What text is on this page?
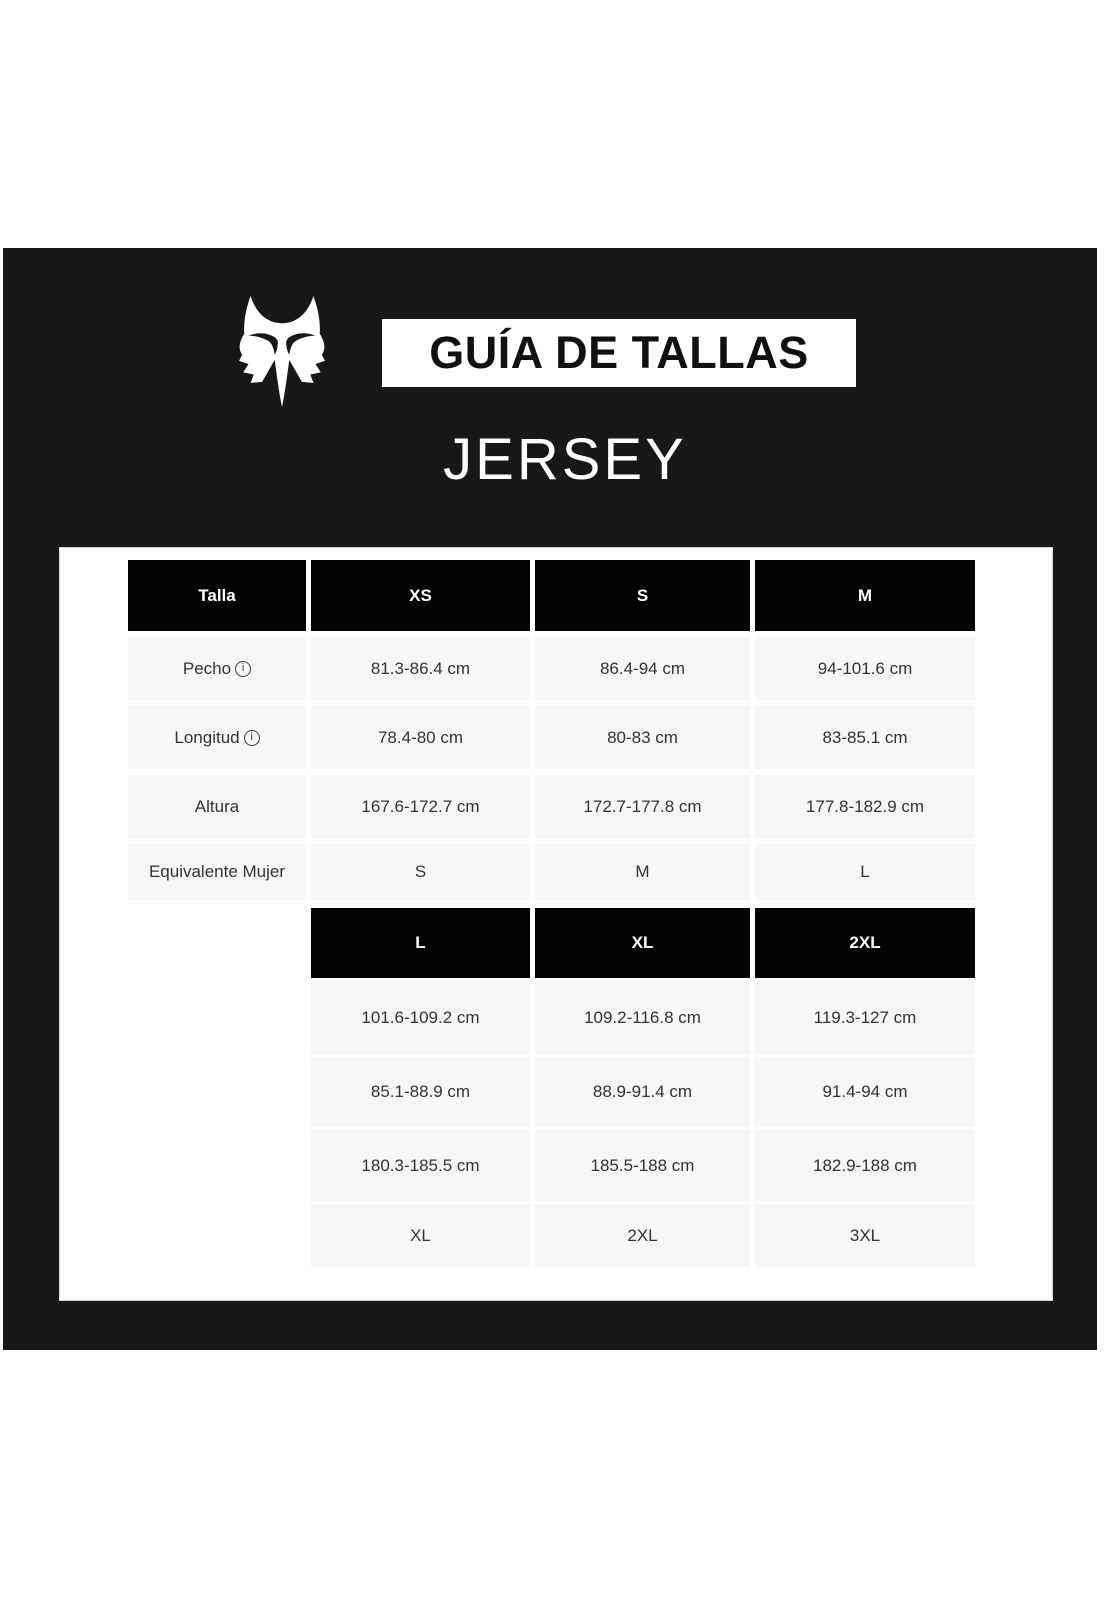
GUÍA DE TALLAS
JERSEY
Talla	XS	S	M
Pecho i	81.3-86.4 cm	86.4-94 cm	94-101.6 cm
Longitud i	78.4-80 cm	80-83 cm	83-85.1 cm
Altura	167.6-172.7 cm	172.7-177.8 cm	177.8-182.9 cm
Equivalente Mujer	S	M	L
L	XL	2XL
101.6-109.2 cm	109.2-116.8 cm	119.3-127 cm
85.1-88.9 cm	88.9-91.4 cm	91.4-94 cm
180.3-185.5 cm	185.5-188 cm	182.9-188 cm
XL	2XL	3XL
